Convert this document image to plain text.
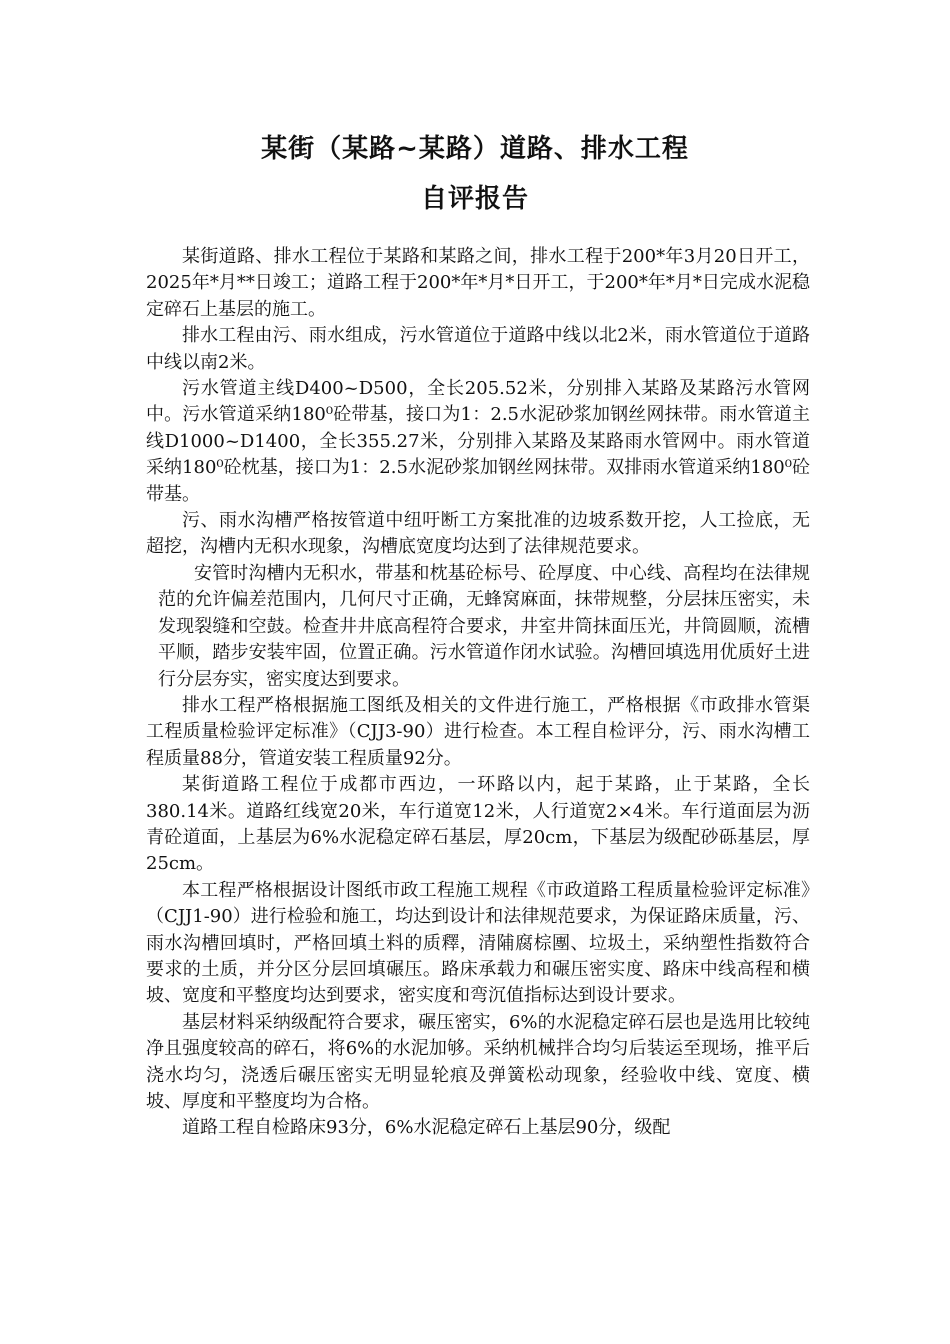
某街（某路~某路）道路、排水工程
自评报告

某街道路、排水工程位于某路和某路之间，排水工程于200*年3月20日开工，2025年*月**日竣工；道路工程于200*年*月*日开工，于200*年*月*日完成水泥稳定碎石上基层的施工。

排水工程由污、雨水组成，污水管道位于道路中线以北2米，雨水管道位于道路中线以南2米。

污水管道主线D400~D500，全长205.52米，分别排入某路及某路污水管网中。污水管道采纳180⁰砼带基，接口为1：2.5水泥砂浆加钢丝网抹带。雨水管道主线D1000~D1400，全长355.27米，分别排入某路及某路雨水管网中。雨水管道采纳180⁰砼枕基，接口为1：2.5水泥砂浆加钢丝网抹带。双排雨水管道采纳180⁰砼带基。

污、雨水沟槽严格按管道中纽吁断工方案批准的边坡系数开挖，人工捡底，无超挖，沟槽内无积水现象，沟槽底宽度均达到了法律规范要求。

安管时沟槽内无积水，带基和枕基砼标号、砼厚度、中心线、高程均在法律规范的允许偏差范围内，几何尺寸正确，无蜂窝麻面，抹带规整，分层抹压密实，未发现裂缝和空鼓。检查井井底高程符合要求，井室井筒抹面压光，井筒圆顺，流槽平顺，踏步安装牢固，位置正确。污水管道作闭水试验。沟槽回填选用优质好土进行分层夯实，密实度达到要求。

排水工程严格根据施工图纸及相关的文件进行施工，严格根据《市政排水管渠工程质量检验评定标准》（CJJ3-90）进行检查。本工程自检评分，污、雨水沟槽工程质量88分，管道安装工程质量92分。

某街道路工程位于成都市西边，一环路以内，起于某路，止于某路，全长380.14米。道路红线宽20米，车行道宽12米，人行道宽2×4米。车行道面层为沥青砼道面，上基层为6%水泥稳定碎石基层，厚20cm，下基层为级配砂砾基层，厚25cm。

本工程严格根据设计图纸市政工程施工规程《市政道路工程质量检验评定标准》（CJJ1-90）进行检验和施工，均达到设计和法律规范要求，为保证路床质量，污、雨水沟槽回填时，严格回填土料的质釋，清陠腐棕團、垃圾土，采纳塑性指数符合要求的土质，并分区分层回填碾压。路床承载力和碾压密实度、路床中线高程和横坡、宽度和平整度均达到要求，密实度和弯沉值指标达到设计要求。

基层材料采纳级配符合要求，碾压密实，6%的水泥稳定碎石层也是选用比较纯净且强度较高的碎石，将6%的水泥加够。采纳机械拌合均匀后装运至现场，推平后浇水均匀，浇透后碾压密实无明显轮痕及弹簧松动现象，经验收中线、宽度、横坡、厚度和平整度均为合格。

道路工程自检路床93分，6%水泥稳定碎石上基层90分，级配
